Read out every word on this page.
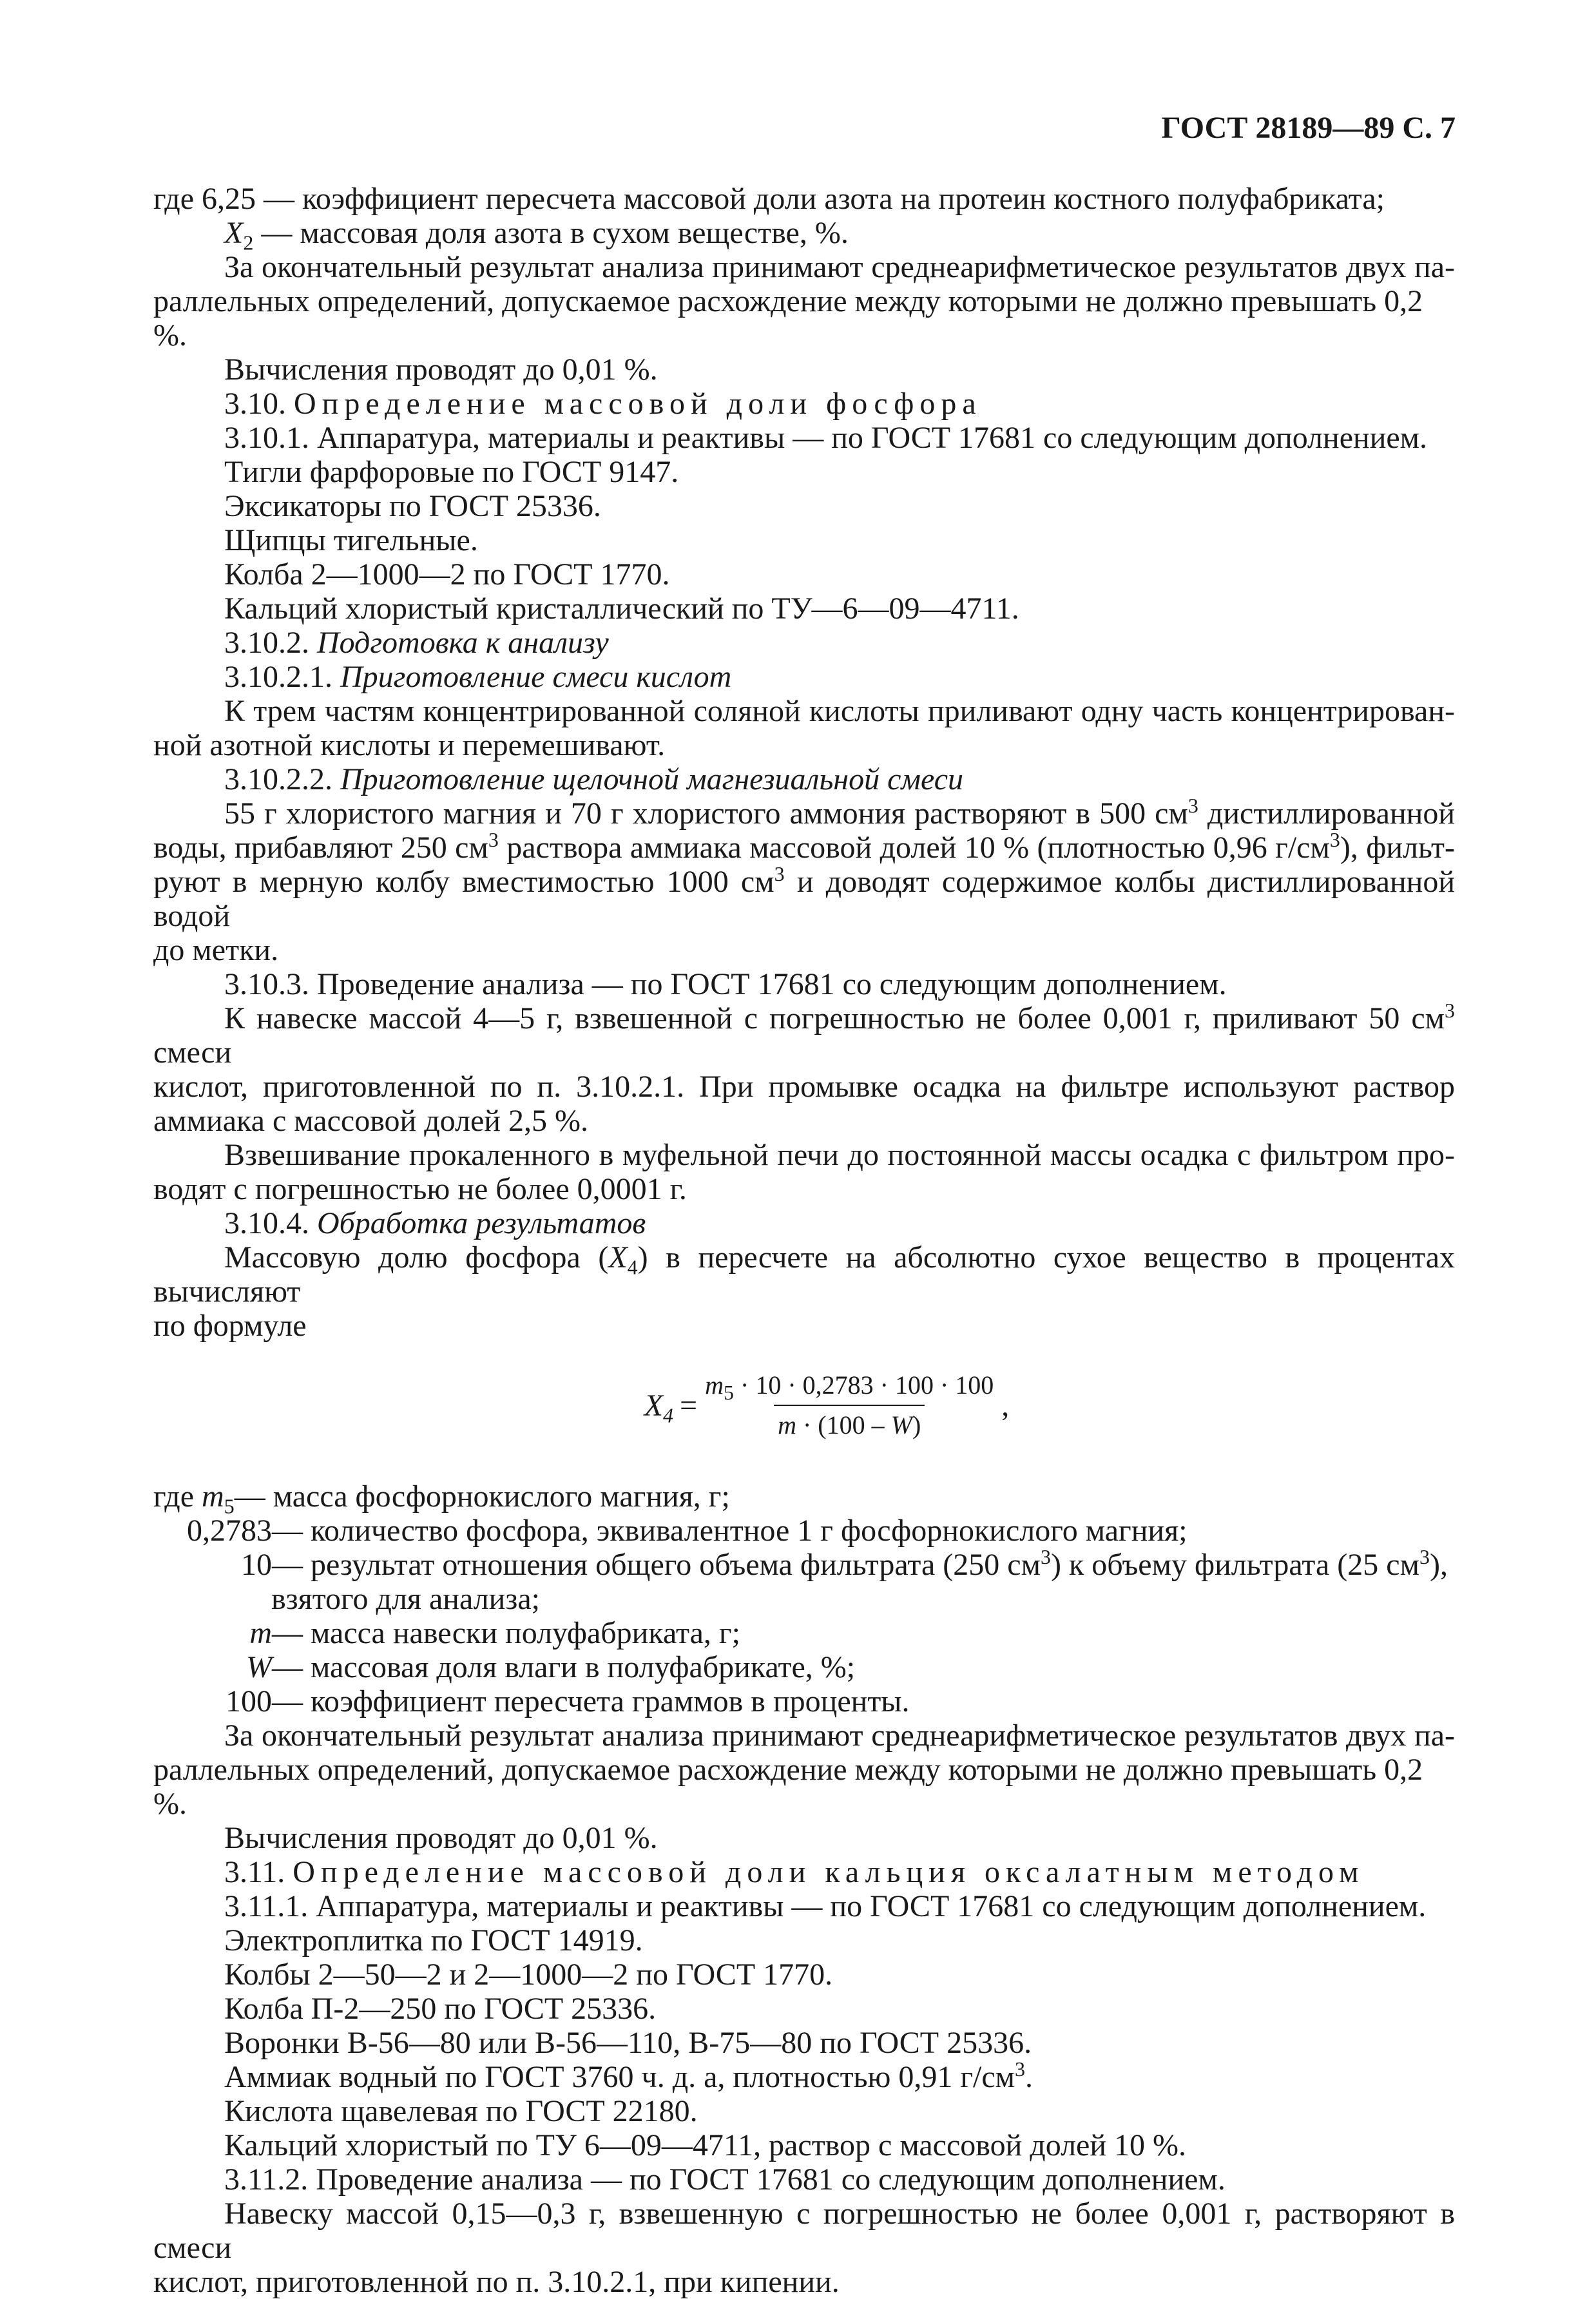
ГОСТ 28189—89 С. 7

где 6,25 — коэффициент пересчета массовой доли азота на протеин костного полуфабриката;

$X_2$ — массовая доля азота в сухом веществе, %.

За окончательный результат анализа принимают среднеарифметическое результатов двух па-

раллельных определений, допускаемое расхождение между которыми не должно превышать 0,2 %.

Вычисления проводят до 0,01 %.

3.10. Определение массовой доли фосфора

3.10.1. Аппаратура, материалы и реактивы — по ГОСТ 17681 со следующим дополнением.

Тигли фарфоровые по ГОСТ 9147.

Эксикаторы по ГОСТ 25336.

Щипцы тигельные.

Колба 2—1000—2 по ГОСТ 1770.

Кальций хлористый кристаллический по ТУ—6—09—4711.

3.10.2. Подготовка к анализу

3.10.2.1. Приготовление смеси кислот

К трем частям концентрированной соляной кислоты приливают одну часть концентрирован-

ной азотной кислоты и перемешивают.

3.10.2.2. Приготовление щелочной магнезиальной смеси

55 г хлористого магния и 70 г хлористого аммония растворяют в 500 $см^3$ дистиллированной

воды, прибавляют 250 $см^3$ раствора аммиака массовой долей 10 % (плотностью 0,96 $г/см^3$), фильт-

руют в мерную колбу вместимостью 1000 $см^3$ и доводят содержимое колбы дистиллированной водой

до метки.

3.10.3. Проведение анализа — по ГОСТ 17681 со следующим дополнением.

К навеске массой 4—5 г, взвешенной с погрешностью не более 0,001 г, приливают 50 $см^3$ смеси

кислот, приготовленной по п. 3.10.2.1. При промывке осадка на фильтре используют раствор

аммиака с массовой долей 2,5 %.

Взвешивание прокаленного в муфельной печи до постоянной массы осадка с фильтром про-

водят с погрешностью не более 0,0001 г.

3.10.4. Обработка результатов

Массовую долю фосфора $(X_4)$ в пересчете на абсолютно сухое вещество в процентах вычисляют

по формуле

$X_4 = \frac{m_5 \cdot 10 \cdot 0,2783 \cdot 100 \cdot 100}{m \cdot (100 - W)}$ ,
где $m_5$ — масса фосфорнокислого магния, г;
0,2783 — количество фосфора, эквивалентное 1 г фосфорнокислого магния;
10 — результат отношения общего объема фильтрата (250 $см^3$) к объему фильтрата (25 $см^3$),

взятого для анализа;

m — масса навески полуфабриката, г;
W — массовая доля влаги в полуфабрикате, %;
100 — коэффициент пересчета граммов в проценты.

За окончательный результат анализа принимают среднеарифметическое результатов двух па-

раллельных определений, допускаемое расхождение между которыми не должно превышать 0,2 %.

Вычисления проводят до 0,01 %.

3.11. Определение массовой доли кальция оксалатным методом

3.11.1. Аппаратура, материалы и реактивы — по ГОСТ 17681 со следующим дополнением.

Электроплитка по ГОСТ 14919.

Колбы 2—50—2 и 2—1000—2 по ГОСТ 1770.

Колба П-2—250 по ГОСТ 25336.

Воронки В-56—80 или В-56—110, В-75—80 по ГОСТ 25336.

Аммиак водный по ГОСТ 3760 ч. д. а, плотностью 0,91 $г/см^3$.

Кислота щавелевая по ГОСТ 22180.

Кальций хлористый по ТУ 6—09—4711, раствор с массовой долей 10 %.

3.11.2. Проведение анализа — по ГОСТ 17681 со следующим дополнением.

Навеску массой 0,15—0,3 г, взвешенную с погрешностью не более 0,001 г, растворяют в смеси

кислот, приготовленной по п. 3.10.2.1, при кипении.
